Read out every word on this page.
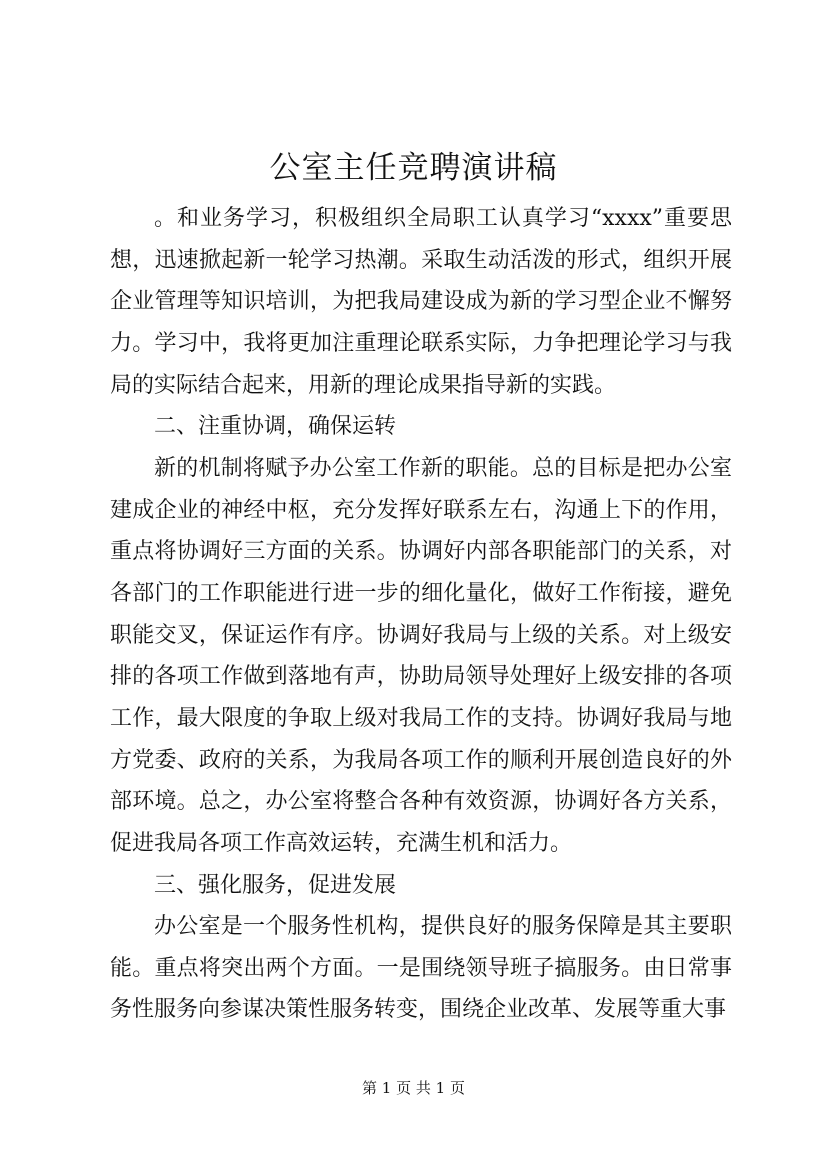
公室主任竞聘演讲稿

。和业务学习，积极组织全局职工认真学习“xxxx”重要思想，迅速掀起新一轮学习热潮。采取生动活泼的形式，组织开展企业管理等知识培训，为把我局建设成为新的学习型企业不懈努力。学习中，我将更加注重理论联系实际，力争把理论学习与我局的实际结合起来，用新的理论成果指导新的实践。

二、注重协调，确保运转

新的机制将赋予办公室工作新的职能。总的目标是把办公室建成企业的神经中枢，充分发挥好联系左右，沟通上下的作用，重点将协调好三方面的关系。协调好内部各职能部门的关系，对各部门的工作职能进行进一步的细化量化，做好工作衔接，避免职能交叉，保证运作有序。协调好我局与上级的关系。对上级安排的各项工作做到落地有声，协助局领导处理好上级安排的各项工作，最大限度的争取上级对我局工作的支持。协调好我局与地方党委、政府的关系，为我局各项工作的顺利开展创造良好的外部环境。总之，办公室将整合各种有效资源，协调好各方关系，促进我局各项工作高效运转，充满生机和活力。

三、强化服务，促进发展

办公室是一个服务性机构，提供良好的服务保障是其主要职能。重点将突出两个方面。一是围绕领导班子搞服务。由日常事务性服务向参谋决策性服务转变，围绕企业改革、发展等重大事

第 1 页 共 1 页
